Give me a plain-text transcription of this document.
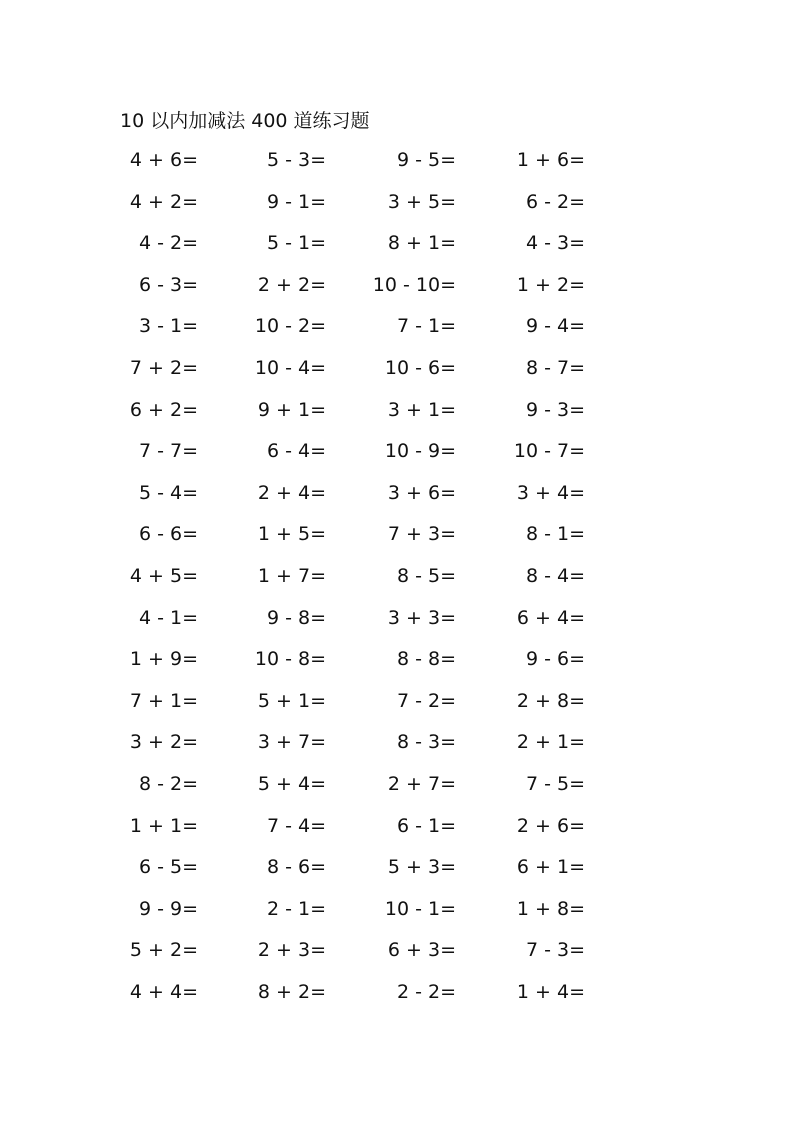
10 以内加减法 400 道练习题
4 + 6=	5 - 3=	9 - 5=	1 + 6=
4 + 2=	9 - 1=	3 + 5=	6 - 2=
4 - 2=	5 - 1=	8 + 1=	4 - 3=
6 - 3=	2 + 2=	10 - 10=	1 + 2=
3 - 1=	10 - 2=	7 - 1=	9 - 4=
7 + 2=	10 - 4=	10 - 6=	8 - 7=
6 + 2=	9 + 1=	3 + 1=	9 - 3=
7 - 7=	6 - 4=	10 - 9=	10 - 7=
5 - 4=	2 + 4=	3 + 6=	3 + 4=
6 - 6=	1 + 5=	7 + 3=	8 - 1=
4 + 5=	1 + 7=	8 - 5=	8 - 4=
4 - 1=	9 - 8=	3 + 3=	6 + 4=
1 + 9=	10 - 8=	8 - 8=	9 - 6=
7 + 1=	5 + 1=	7 - 2=	2 + 8=
3 + 2=	3 + 7=	8 - 3=	2 + 1=
8 - 2=	5 + 4=	2 + 7=	7 - 5=
1 + 1=	7 - 4=	6 - 1=	2 + 6=
6 - 5=	8 - 6=	5 + 3=	6 + 1=
9 - 9=	2 - 1=	10 - 1=	1 + 8=
5 + 2=	2 + 3=	6 + 3=	7 - 3=
4 + 4=	8 + 2=	2 - 2=	1 + 4=
